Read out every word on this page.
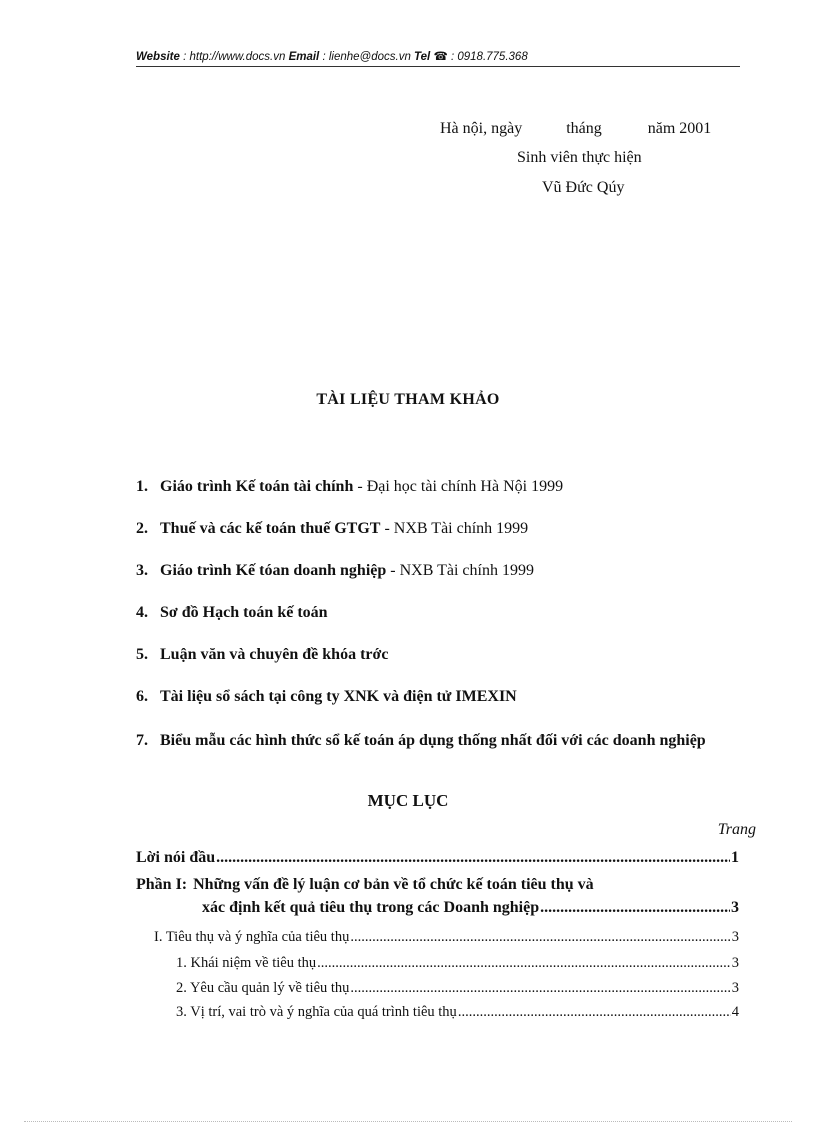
Website : http://www.docs.vn Email : lienhe@docs.vn Tel ☎ : 0918.775.368
Hà nội, ngày	tháng	năm 2001
Sinh viên thực hiện
Vũ Đức Qúy
TÀI LIỆU THAM KHẢO
1. Giáo trình Kế toán tài chính - Đại học tài chính Hà Nội 1999
2. Thuế và các kế toán thuế GTGT - NXB Tài chính 1999
3. Giáo trình Kế tóan doanh nghiệp - NXB Tài chính 1999
4. Sơ đồ Hạch toán kế toán
5. Luận văn và chuyên đề khóa trớc
6. Tài liệu sổ sách tại công ty XNK và điện tử IMEXIN
7. Biểu mẫu các hình thức sổ kế toán áp dụng thống nhất đối với các doanh nghiệp
MỤC LỤC
Trang
Lời nói đầu .....	1
Phần I: Những vấn đề lý luận cơ bản về tổ chức kế toán tiêu thụ và
xác định kết quả tiêu thụ trong các Doanh nghiệp .....	3
I. Tiêu thụ và ý nghĩa của tiêu thụ .....	3
1. Khái niệm về tiêu thụ .....	3
2. Yêu cầu quản lý về tiêu thụ .....	3
3. Vị trí, vai trò và ý nghĩa của quá trình tiêu thụ .....	4
